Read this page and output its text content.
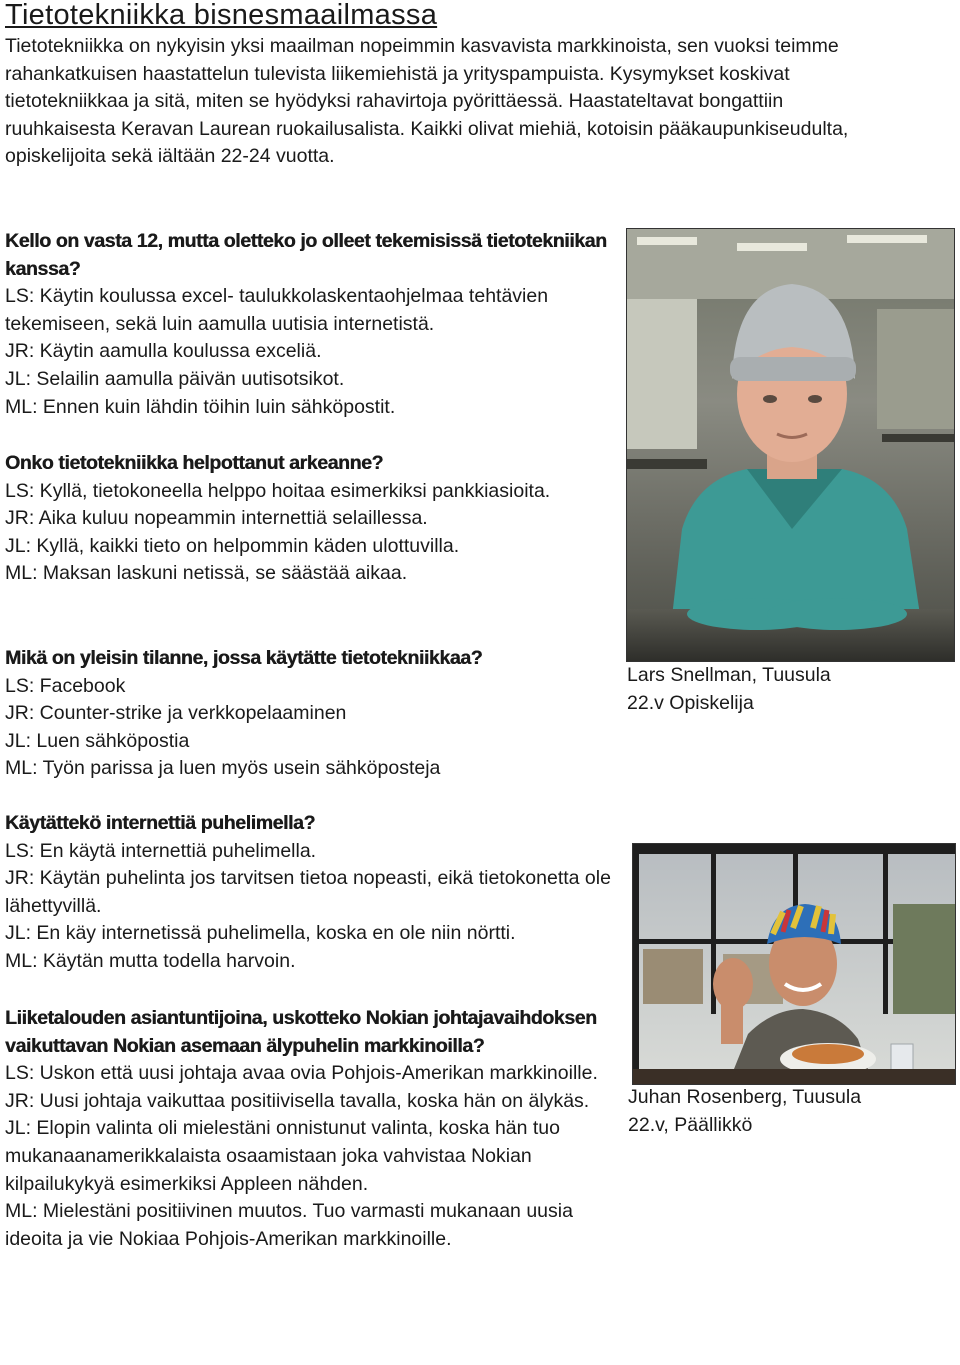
Tietotekniikka bisnesmaailmassa

Tietotekniikka on nykyisin yksi maailman nopeimmin kasvavista markkinoista, sen vuoksi teimme rahankatkuisen haastattelun tulevista liikemiehistä ja yrityspampuista. Kysymykset koskivat tietotekniikkaa ja sitä, miten se hyödyksi rahavirtoja pyörittäessä. Haastateltavat bongattiin ruuhkaisesta Keravan Laurean ruokailusalista. Kaikki olivat miehiä, kotoisin pääkaupunkiseudulta, opiskelijoita sekä iältään 22-24 vuotta.

Kello on vasta 12, mutta oletteko jo olleet tekemisissä tietotekniikan kanssa?

LS: Käytin koulussa excel- taulukkolaskentaohjelmaa tehtävien tekemiseen, sekä luin aamulla uutisia internetistä.

JR: Käytin aamulla koulussa exceliä.

JL: Selailin aamulla päivän uutisotsikot.

ML: Ennen kuin lähdin töihin luin sähköpostit.

Onko tietotekniikka helpottanut arkeanne?

LS: Kyllä, tietokoneella helppo hoitaa esimerkiksi pankkiasioita.

JR: Aika kuluu nopeammin internettiä selaillessa.

JL: Kyllä, kaikki tieto on helpommin käden ulottuvilla.

ML: Maksan laskuni netissä, se säästää aikaa.

Mikä on yleisin tilanne, jossa käytätte tietotekniikkaa?

LS: Facebook

JR: Counter-strike ja verkkopelaaminen

JL: Luen sähköpostia

ML: Työn parissa ja luen myös usein sähköposteja

Käytättekö internettiä puhelimella?

LS: En käytä internettiä puhelimella.

JR: Käytän puhelinta jos tarvitsen tietoa nopeasti, eikä tietokonetta ole lähettyvillä.

JL: En käy internetissä puhelimella, koska en ole niin nörtti.

ML: Käytän mutta todella harvoin.

Liiketalouden asiantuntijoina, uskotteko Nokian johtajavaihdoksen vaikuttavan Nokian asemaan älypuhelin markkinoilla?

LS: Uskon että uusi johtaja avaa ovia Pohjois-Amerikan markkinoille.

JR: Uusi johtaja vaikuttaa positiivisella tavalla, koska hän on älykäs.

JL: Elopin valinta oli mielestäni onnistunut valinta, koska hän tuo mukanaanamerikkalaista osaamistaan joka vahvistaa Nokian kilpailukykyä esimerkiksi Appleen nähden.

ML: Mielestäni positiivinen muutos. Tuo varmasti mukanaan uusia ideoita ja vie Nokiaa Pohjois-Amerikan markkinoille.

Lars Snellman, Tuusula
22.v Opiskelija
Juhan Rosenberg, Tuusula
22.v, Päällikkö
